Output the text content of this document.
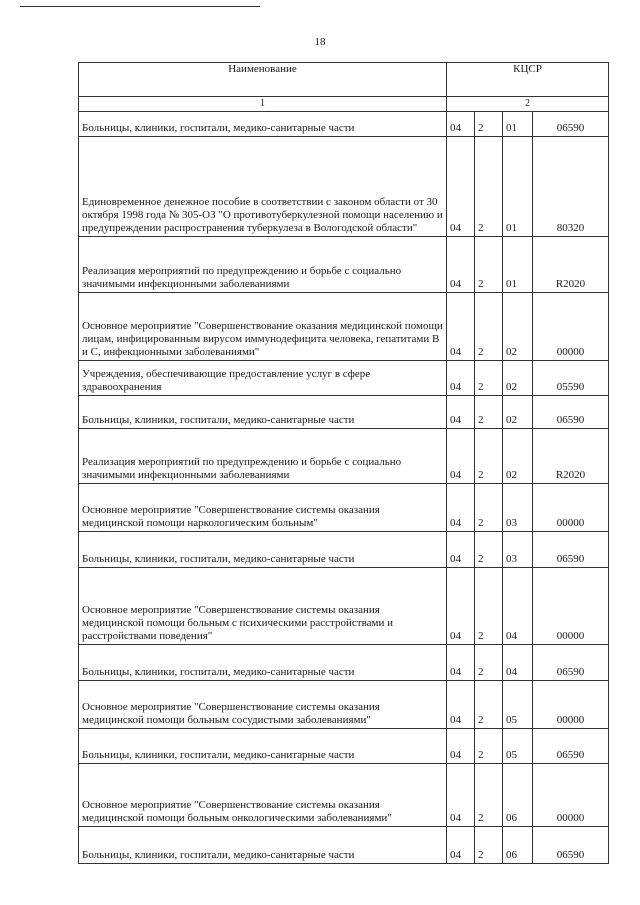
18
Наименование	КЦСР			
1	2			
Больницы, клиники, госпитали, медико-санитарные части	04	2	01	06590
Единовременное денежное пособие в соответствии с законом области от 30 октября 1998 года № 305-ОЗ "О противотуберкулезной помощи населению и предупреждении распространения туберкулеза в Вологодской области"	04	2	01	80320
Реализация мероприятий по предупреждению и борьбе с социально значимыми инфекционными заболеваниями	04	2	01	R2020
Основное мероприятие "Совершенствование оказания медицинской помощи лицам, инфицированным вирусом иммунодефицита человека, гепатитами В и С, инфекционными заболеваниями"	04	2	02	00000
Учреждения, обеспечивающие предоставление услуг в сфере здравоохранения	04	2	02	05590
Больницы, клиники, госпитали, медико-санитарные части	04	2	02	06590
Реализация мероприятий по предупреждению и борьбе с социально значимыми инфекционными заболеваниями	04	2	02	R2020
Основное мероприятие "Совершенствование системы оказания медицинской помощи наркологическим больным"	04	2	03	00000
Больницы, клиники, госпитали, медико-санитарные части	04	2	03	06590
Основное мероприятие "Совершенствование системы оказания медицинской помощи больным с психическими расстройствами и расстройствами поведения"	04	2	04	00000
Больницы, клиники, госпитали, медико-санитарные части	04	2	04	06590
Основное мероприятие "Совершенствование системы оказания медицинской помощи больным сосудистыми заболеваниями"	04	2	05	00000
Больницы, клиники, госпитали, медико-санитарные части	04	2	05	06590
Основное мероприятие "Совершенствование системы оказания медицинской помощи больным онкологическими заболеваниями"	04	2	06	00000
Больницы, клиники, госпитали, медико-санитарные части	04	2	06	06590
